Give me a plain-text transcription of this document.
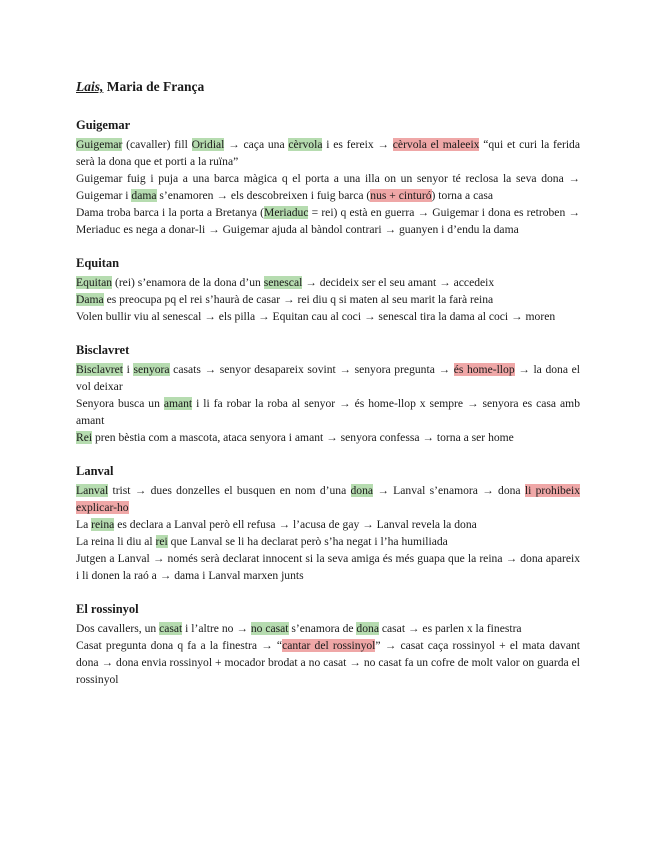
Lais, Maria de França
Guigemar

Guigemar (cavaller) fill Oridial → caça una cèrvola i es fereix → cèrvola el maleeix “qui et curi la ferida serà la dona que et porti a la ruïna”

Guigemar fuig i puja a una barca màgica q el porta a una illa on un senyor té reclosa la seva dona → Guigemar i dama s’enamoren → els descobreixen i fuig barca (nus + cinturó) torna a casa

Dama troba barca i la porta a Bretanya (Meriaduc = rei) q està en guerra → Guigemar i dona es retroben → Meriaduc es nega a donar-li → Guigemar ajuda al bàndol contrari → guanyen i d’endu la dama

Equitan

Equitan (rei) s’enamora de la dona d’un senescal → decideix ser el seu amant → accedeix

Dama es preocupa pq el rei s’haurà de casar → rei diu q si maten al seu marit la farà reina

Volen bullir viu al senescal → els pilla → Equitan cau al coci → senescal tira la dama al coci → moren

Bisclavret

Bisclavret i senyora casats → senyor desapareix sovint → senyora pregunta → és home-llop → la dona el vol deixar

Senyora busca un amant i li fa robar la roba al senyor → és home-llop x sempre → senyora es casa amb amant

Rei pren bèstia com a mascota, ataca senyora i amant → senyora confessa → torna a ser home

Lanval

Lanval trist → dues donzelles el busquen en nom d’una dona → Lanval s’enamora → dona li prohibeix explicar-ho

La reina es declara a Lanval però ell refusa → l’acusa de gay → Lanval revela la dona

La reina li diu al rei que Lanval se li ha declarat però s’ha negat i l’ha humiliada

Jutgen a Lanval → només serà declarat innocent si la seva amiga és més guapa que la reina → dona apareix i li donen la raó a → dama i Lanval marxen junts

El rossinyol

Dos cavallers, un casat i l’altre no → no casat s’enamora de dona casat → es parlen x la finestra

Casat pregunta dona q fa a la finestra → “cantar del rossinyol” → casat caça rossinyol + el mata davant dona → dona envia rossinyol + mocador brodat a no casat → no casat fa un cofre de molt valor on guarda el rossinyol
